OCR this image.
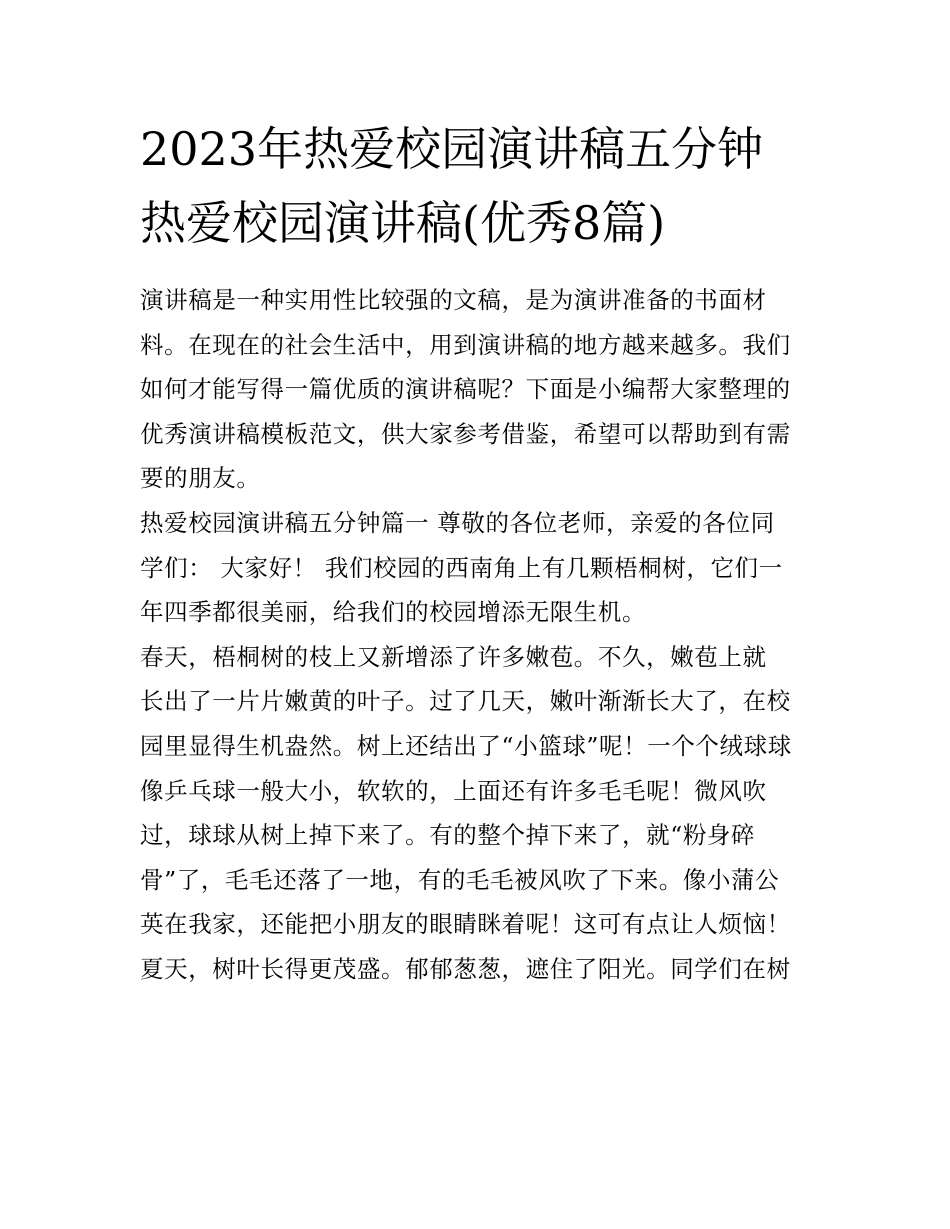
2023年热爱校园演讲稿五分钟
热爱校园演讲稿(优秀8篇)
演讲稿是一种实用性比较强的文稿，是为演讲准备的书面材
料。在现在的社会生活中，用到演讲稿的地方越来越多。我们
如何才能写得一篇优质的演讲稿呢？下面是小编帮大家整理的
优秀演讲稿模板范文，供大家参考借鉴，希望可以帮助到有需
要的朋友。
热爱校园演讲稿五分钟篇一 尊敬的各位老师，亲爱的各位同
学们： 大家好！ 我们校园的西南角上有几颗梧桐树，它们一
年四季都很美丽，给我们的校园增添无限生机。
春天，梧桐树的枝上又新增添了许多嫩苞。不久，嫩苞上就
长出了一片片嫩黄的叶子。过了几天，嫩叶渐渐长大了，在校
园里显得生机盎然。树上还结出了“小篮球”呢！一个个绒球球
像乒乓球一般大小，软软的，上面还有许多毛毛呢！微风吹
过，球球从树上掉下来了。有的整个掉下来了，就“粉身碎
骨”了，毛毛还落了一地，有的毛毛被风吹了下来。像小蒲公
英在我家，还能把小朋友的眼睛眯着呢！这可有点让人烦恼！
夏天，树叶长得更茂盛。郁郁葱葱，遮住了阳光。同学们在树
